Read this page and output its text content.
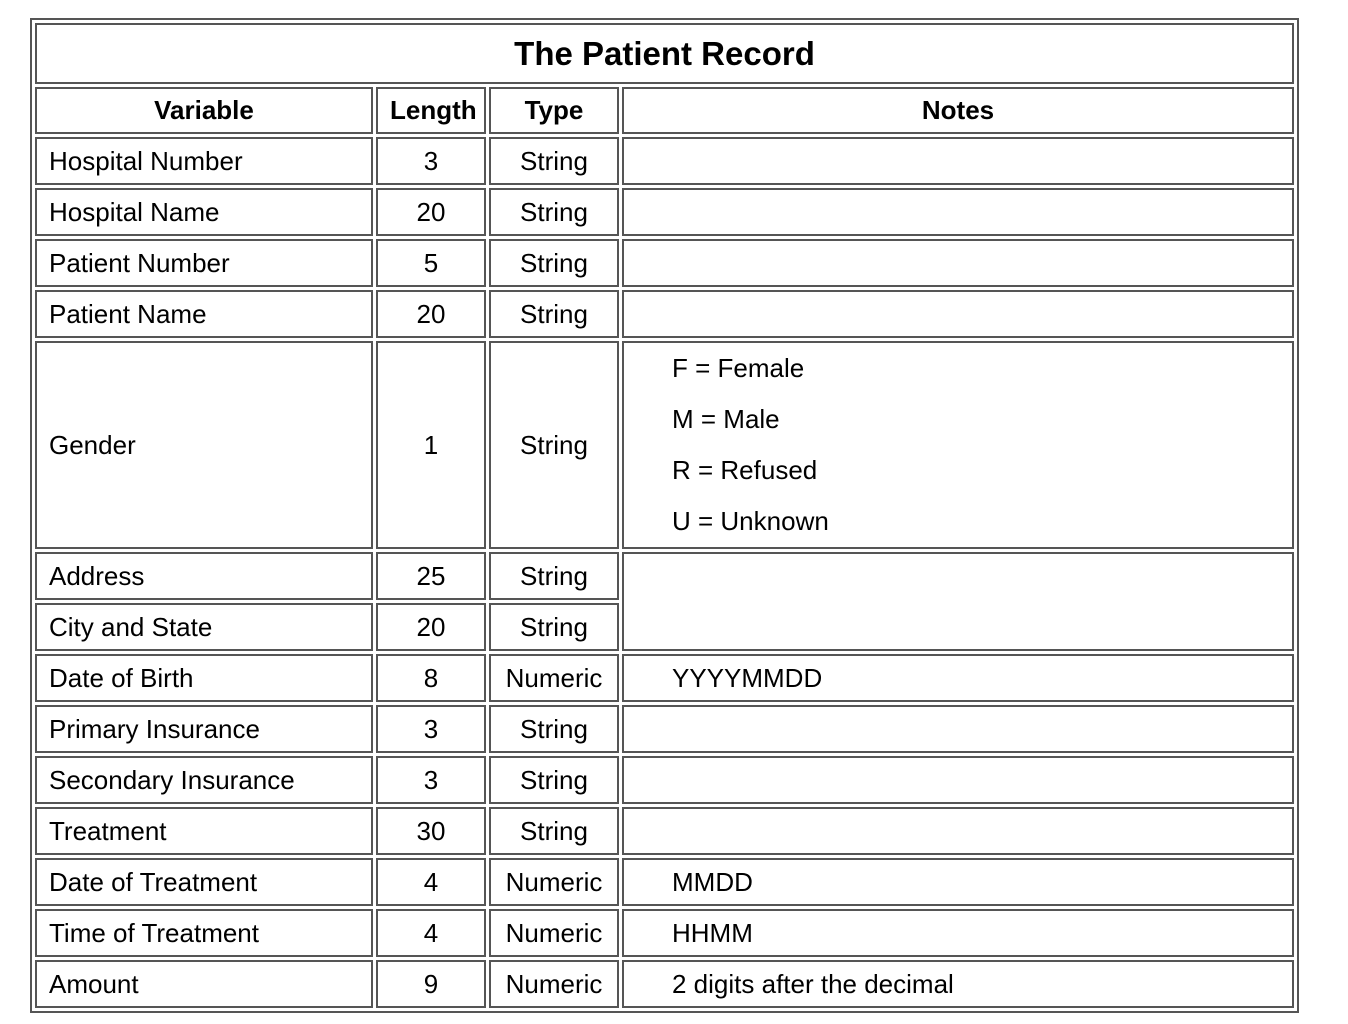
The Patient Record			
Variable	Length	Type	Notes
Hospital Number	3	String	
Hospital Name	20	String	
Patient Number	5	String	
Patient Name	20	String	
Gender	1	String	F = Female
M = Male
R = Refused
U = Unknown

Address	25	String	
City and State	20	String	
Date of Birth	8	Numeric	YYYYMMDD
Primary Insurance	3	String	
Secondary Insurance	3	String	
Treatment	30	String	
Date of Treatment	4	Numeric	MMDD
Time of Treatment	4	Numeric	HHMM
Amount	9	Numeric	2 digits after the decimal
